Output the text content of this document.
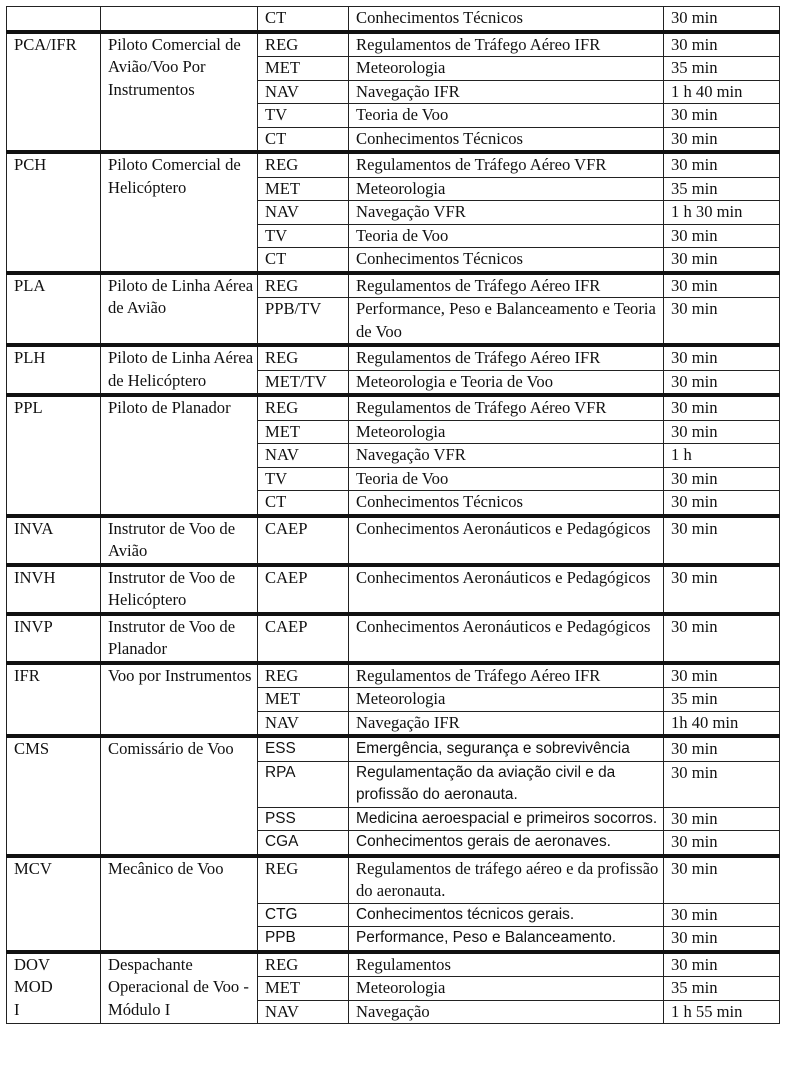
		CT	Conhecimentos Técnicos	30 min
PCA/IFR	Piloto Comercial de Avião/Voo Por Instrumentos	REG	Regulamentos de Tráfego Aéreo IFR	30 min
		MET	Meteorologia	35 min
		NAV	Navegação IFR	1 h 40 min
		TV	Teoria de Voo	30 min
		CT	Conhecimentos Técnicos	30 min
PCH	Piloto Comercial de Helicóptero	REG	Regulamentos de Tráfego Aéreo VFR	30 min
		MET	Meteorologia	35 min
		NAV	Navegação VFR	1 h 30 min
		TV	Teoria de Voo	30 min
		CT	Conhecimentos Técnicos	30 min
PLA	Piloto de Linha Aérea de Avião	REG	Regulamentos de Tráfego Aéreo IFR	30 min
		PPB/TV	Performance, Peso e Balanceamento e Teoria de Voo	30 min
PLH	Piloto de Linha Aérea de Helicóptero	REG	Regulamentos de Tráfego Aéreo IFR	30 min
		MET/TV	Meteorologia e Teoria de Voo	30 min
PPL	Piloto de Planador	REG	Regulamentos de Tráfego Aéreo VFR	30 min
		MET	Meteorologia	30 min
		NAV	Navegação VFR	1 h
		TV	Teoria de Voo	30 min
		CT	Conhecimentos Técnicos	30 min
INVA	Instrutor de Voo de Avião	CAEP	Conhecimentos Aeronáuticos e Pedagógicos	30 min
INVH	Instrutor de Voo de Helicóptero	CAEP	Conhecimentos Aeronáuticos e Pedagógicos	30 min
INVP	Instrutor de Voo de Planador	CAEP	Conhecimentos Aeronáuticos e Pedagógicos	30 min
IFR	Voo por Instrumentos	REG	Regulamentos de Tráfego Aéreo IFR	30 min
		MET	Meteorologia	35 min
		NAV	Navegação IFR	1h 40 min
CMS	Comissário de Voo	ESS	Emergência, segurança e sobrevivência	30 min
		RPA	Regulamentação da aviação civil e da profissão do aeronauta.	30 min
		PSS	Medicina aeroespacial e primeiros socorros.	30 min
		CGA	Conhecimentos gerais de aeronaves.	30 min
MCV	Mecânico de Voo	REG	Regulamentos de tráfego aéreo e da profissão do aeronauta.	30 min
		CTG	Conhecimentos técnicos gerais.	30 min
		PPB	Performance, Peso e Balanceamento.	30 min
DOV MOD I	Despachante Operacional de Voo - Módulo I	REG	Regulamentos	30 min
		MET	Meteorologia	35 min
		NAV	Navegação	1 h 55 min
